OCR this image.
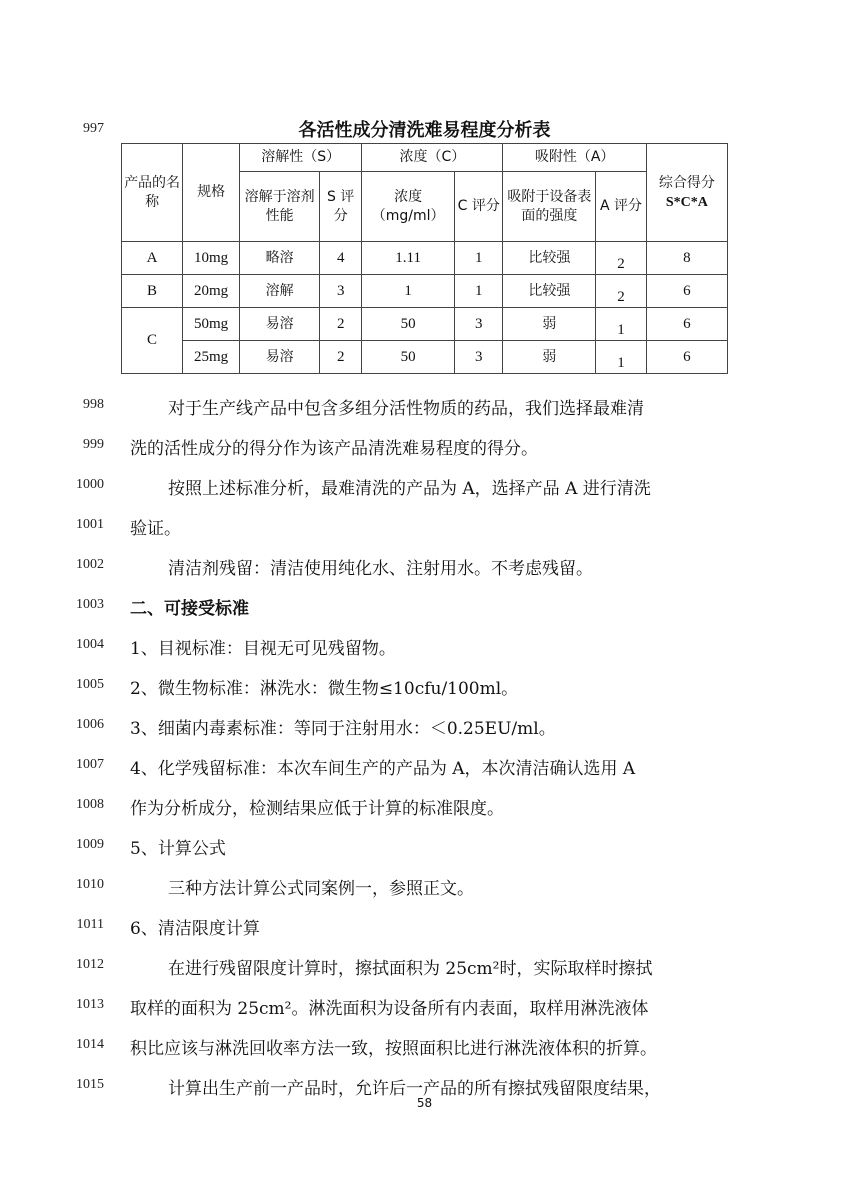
997
998
999
1000
1001
1002
1003
1004
1005
1006
1007
1008
1009
1010
1011
1012
1013
1014
1015
各活性成分清洗难易程度分析表
产品的名称	规格	溶解性（S）		浓度（C）		吸附性（A）		综合得分
S*C*A

		溶解于溶剂性能	S 评分	浓度（mg/ml）	C 评分	吸附于设备表面的强度	A 评分	
A	10mg	略溶	4	1.11	1	比较强	2	8
B	20mg	溶解	3	1	1	比较强	2	6
C	50mg	易溶	2	50	3	弱	1	6
	25mg	易溶	2	50	3	弱	1	6
对于生产线产品中包含多组分活性物质的药品，我们选择最难清
洗的活性成分的得分作为该产品清洗难易程度的得分。
按照上述标准分析，最难清洗的产品为 A，选择产品 A 进行清洗
验证。
清洁剂残留：清洁使用纯化水、注射用水。不考虑残留。
二、可接受标准
1、目视标准：目视无可见残留物。
2、微生物标准：淋洗水：微生物≤10cfu/100ml。
3、细菌内毒素标准：等同于注射用水：＜0.25EU/ml。
4、化学残留标准：本次车间生产的产品为 A，本次清洁确认选用 A
作为分析成分，检测结果应低于计算的标准限度。
5、计算公式
三种方法计算公式同案例一，参照正文。
6、清洁限度计算
在进行残留限度计算时，擦拭面积为 25cm²时，实际取样时擦拭
取样的面积为 25cm²。淋洗面积为设备所有内表面，取样用淋洗液体
积比应该与淋洗回收率方法一致，按照面积比进行淋洗液体积的折算。
计算出生产前一产品时，允许后一产品的所有擦拭残留限度结果，
58
